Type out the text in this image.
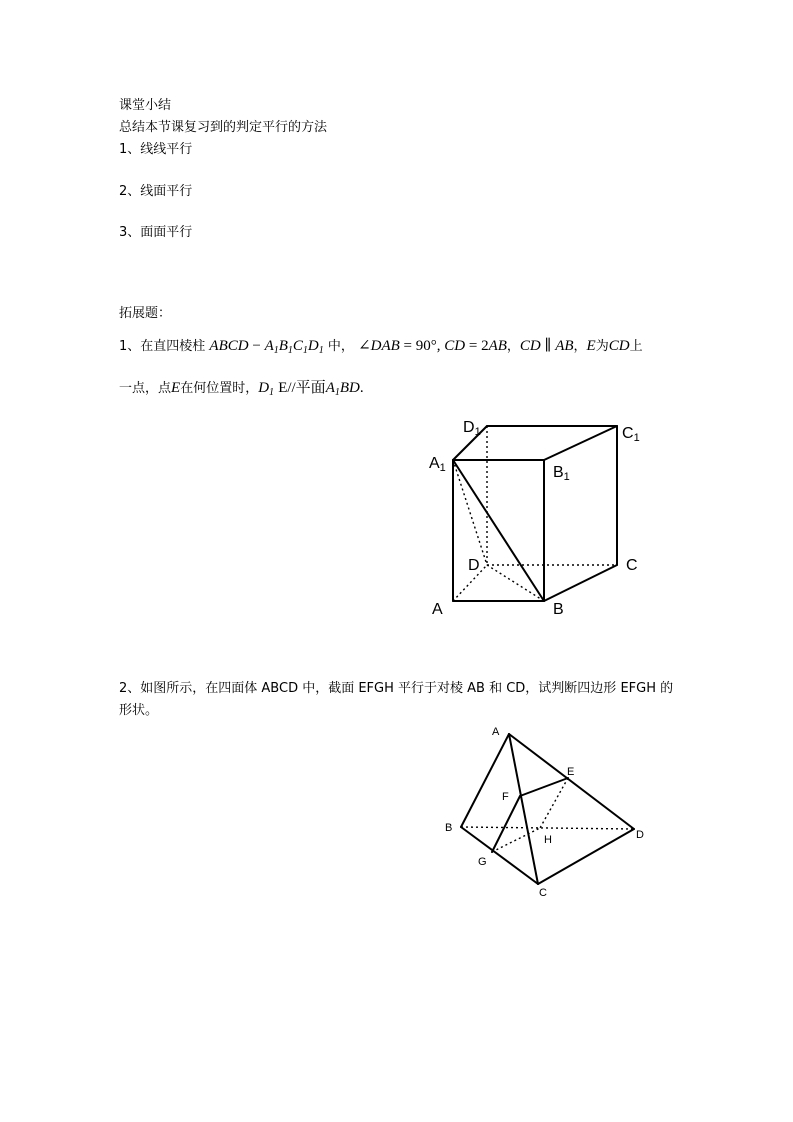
课堂小结
总结本节课复习到的判定平行的方法
1、线线平行
2、线面平行
3、面面平行
拓展题：
1、在直四棱柱 ABCD − $A_1B_1C_1D_1$ 中， ∠DAB = 90°, CD = 2AB，CD ∥ AB，E为CD上
一点，点E在何位置时，$D_1$ E//平面$A_1BD$.
D1	C1
A1	B1
D	C
A	B
2、如图所示，在四面体 ABCD 中，截面 EFGH 平行于对棱 AB 和 CD，试判断四边形 EFGH 的
形状。
A
E
F
B
H	D
G
C
